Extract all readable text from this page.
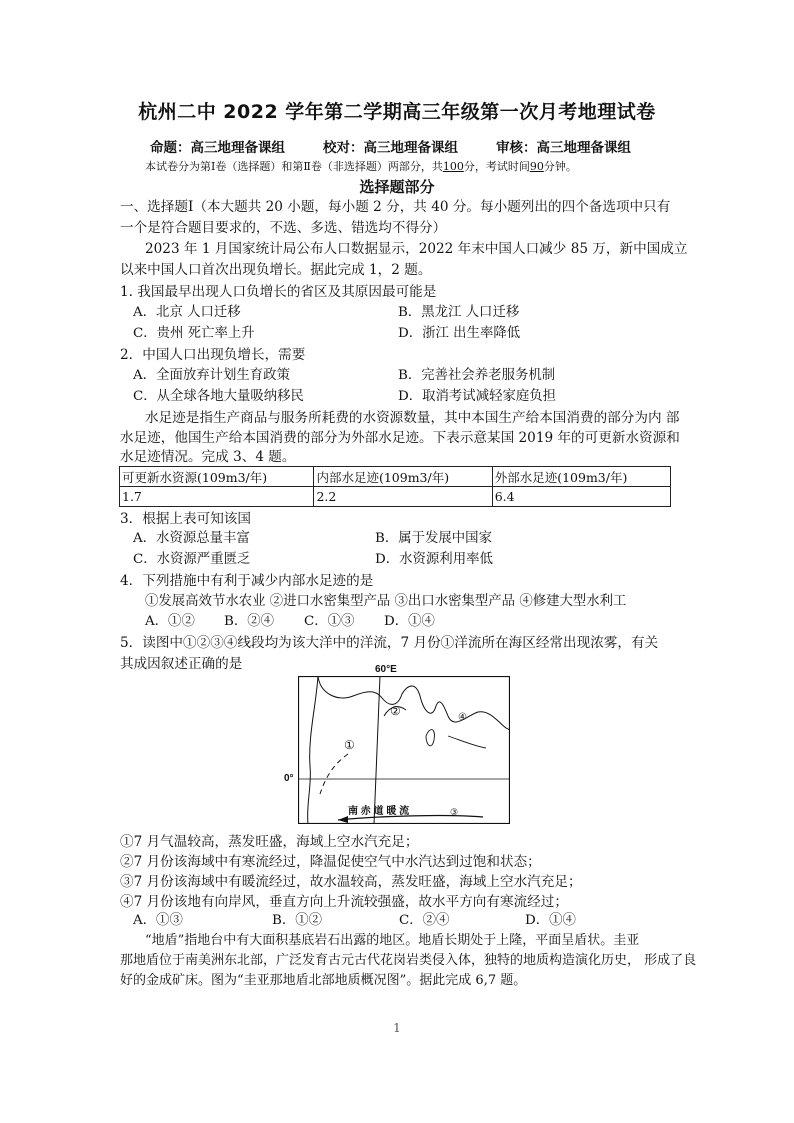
杭州二中 2022 学年第二学期高三年级第一次月考地理试卷
命题：高三地理备课组	校对：高三地理备课组	审核：高三地理备课组
本试卷分为第Ⅰ卷（选择题）和第Ⅱ卷（非选择题）两部分，共100分，考试时间90分钟。
选择题部分
一、选择题Ⅰ（本大题共 20 小题，每小题 2 分，共 40 分。每小题列出的四个备选项中只有
一个是符合题目要求的，不选、多选、错选均不得分）
2023 年 1 月国家统计局公布人口数据显示，2022 年末中国人口减少 85 万，新中国成立
以来中国人口首次出现负增长。据此完成 1，2 题。
1. 我国最早出现人口负增长的省区及其原因最可能是
A．北京 人口迁移	B．黑龙江 人口迁移
C．贵州 死亡率上升	D．浙江 出生率降低
2．中国人口出现负增长，需要
A．全面放弃计划生育政策	B．完善社会养老服务机制
C．从全球各地大量吸纳移民	D．取消考试减轻家庭负担
水足迹是指生产商品与服务所耗费的水资源数量，其中本国生产给本国消费的部分为内 部
水足迹，他国生产给本国消费的部分为外部水足迹。下表示意某国 2019 年的可更新水资源和
水足迹情况。完成 3、4 题。
可更新水资源(109m3/年)	内部水足迹(109m3/年)	外部水足迹(109m3/年)
1.7	2.2	6.4
3．根据上表可知该国
A．水资源总量丰富	B．属于发展中国家
C．水资源严重匮乏	D．水资源利用率低
4．下列措施中有利于减少内部水足迹的是
①发展高效节水农业 ②进口水密集型产品 ③出口水密集型产品 ④修建大型水利工
A．①② B．②④ C．①③ D．①④
5．读图中①②③④线段均为该大洋中的洋流，7 月份①洋流所在海区经常出现浓雾，有关
其成因叙述正确的是	60°E
0°
①
②
③
④
南 赤 道 暖 流
①7 月气温较高，蒸发旺盛，海域上空水汽充足；
②7 月份该海域中有寒流经过，降温促使空气中水汽达到过饱和状态；
③7 月份该海域中有暖流经过，故水温较高，蒸发旺盛，海域上空水汽充足；
④7 月份该地有向岸风，垂直方向上升流较强盛，故水平方向有寒流经过；
A．①③	B．①②	C．②④	D．①④
“地盾”指地台中有大面积基底岩石出露的地区。地盾长期处于上隆，平面呈盾状。圭亚
那地盾位于南美洲东北部，广泛发育古元古代花岗岩类侵入体，独特的地质构造演化历史， 形成了良
好的金成矿床。图为“圭亚那地盾北部地质概况图”。据此完成 6,7 题。
1
